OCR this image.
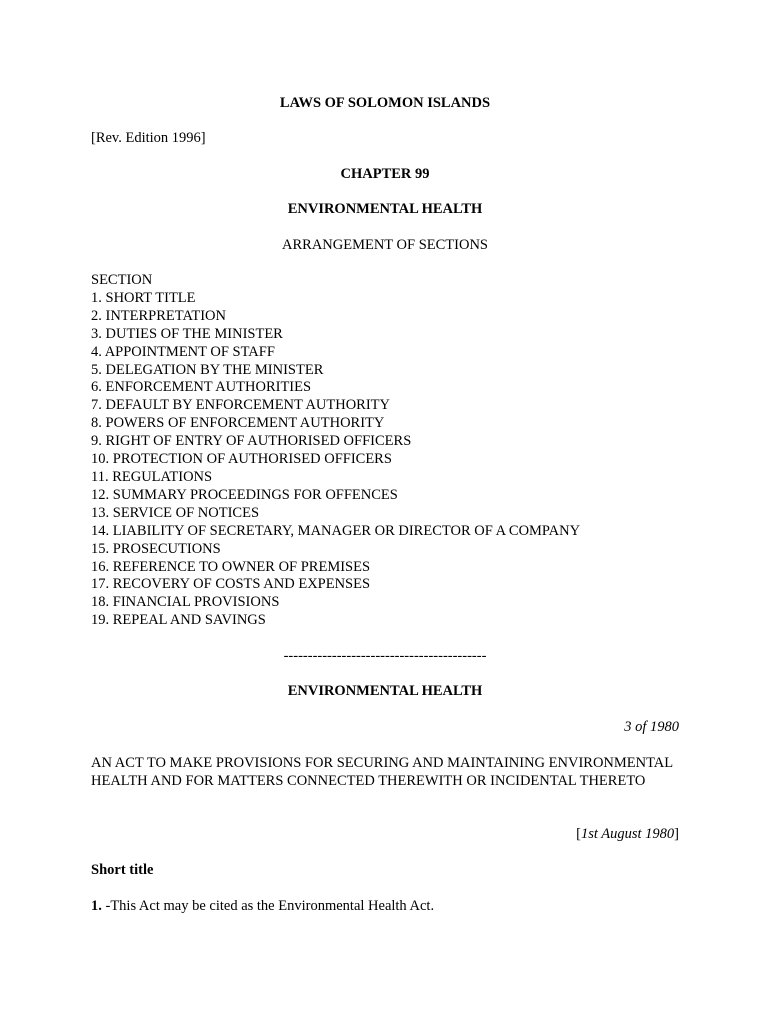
LAWS OF SOLOMON ISLANDS
[Rev. Edition 1996]
CHAPTER 99
ENVIRONMENTAL HEALTH
ARRANGEMENT OF SECTIONS
SECTION
1. SHORT TITLE
2. INTERPRETATION
3. DUTIES OF THE MINISTER
4. APPOINTMENT OF STAFF
5. DELEGATION BY THE MINISTER
6. ENFORCEMENT AUTHORITIES
7. DEFAULT BY ENFORCEMENT AUTHORITY
8. POWERS OF ENFORCEMENT AUTHORITY
9. RIGHT OF ENTRY OF AUTHORISED OFFICERS
10. PROTECTION OF AUTHORISED OFFICERS
11. REGULATIONS
12. SUMMARY PROCEEDINGS FOR OFFENCES
13. SERVICE OF NOTICES
14. LIABILITY OF SECRETARY, MANAGER OR DIRECTOR OF A COMPANY
15. PROSECUTIONS
16. REFERENCE TO OWNER OF PREMISES
17. RECOVERY OF COSTS AND EXPENSES
18. FINANCIAL PROVISIONS
19. REPEAL AND SAVINGS
------------------------------------------
ENVIRONMENTAL HEALTH
3 of 1980
AN ACT TO MAKE PROVISIONS FOR SECURING AND MAINTAINING ENVIRONMENTAL HEALTH AND FOR MATTERS CONNECTED THEREWITH OR INCIDENTAL THERETO
[1st August 1980]
Short title
1. -This Act may be cited as the Environmental Health Act.
